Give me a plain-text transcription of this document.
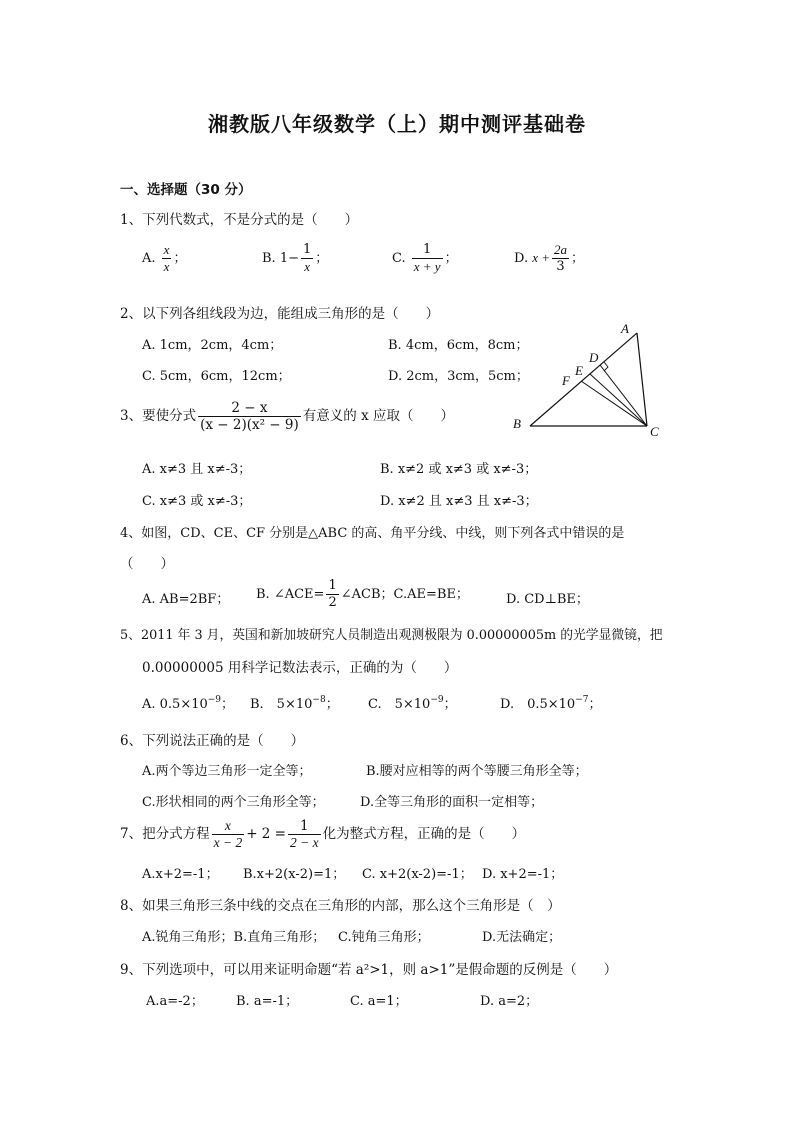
湘教版八年级数学（上）期中测评基础卷
一、选择题（30 分）
1、下列代数式，不是分式的是（　　）
A. $\frac{x}{x}$ ；	B. $1- \frac{1}{x}$ ；	C. $\frac{1}{x + y}$ ；	D. $x + \frac{2a}{3}$ ；
2、以下列各组线段为边，能组成三角形的是（　　）
A. 1cm，2cm，4cm；	B. 4cm，6cm，8cm；
C. 5cm，6cm，12cm；	D. 2cm，3cm，5cm；
A
B
C
D
E
F
3、要使分式 $\frac{2 - x}{\text{(x − 2)(x² − 9)}}$ 有意义的 x 应取（　　）
A. x≠3 且 x≠-3；	B. x≠2 或 x≠3 或 x≠-3；
C. x≠3 或 x≠-3；	D. x≠2 且 x≠3 且 x≠-3；
4、如图，CD、CE、CF 分别是△ABC 的高、角平分线、中线，则下列各式中错误的是
（　　）
A. AB=2BF； B. ∠ACE= $\frac{1}{2}$ ∠ACB；C.AE=BE；	D. CD⊥BE；
5、2011 年 3 月，英国和新加坡研究人员制造出观测极限为 0.00000005m 的光学显微镜，把
0.00000005 用科学记数法表示，正确的为（　　）
A. $0.5\times 10^{-9}$； B.　$5\times 10^{-8}$； C.　$5\times 10^{-9}$；	D.　$0.5\times 10^{-7}$；
6、下列说法正确的是（　　）
A.两个等边三角形一定全等；	B.腰对应相等的两个等腰三角形全等；
C.形状相同的两个三角形全等；	D.全等三角形的面积一定相等；
7、把分式方程 $\frac{x}{x - 2} + 2 = \frac{1}{2 - x}$ 化为整式方程，正确的是（　　）
A.x+2=-1； B.x+2(x-2)=1； C. x+2(x-2)=-1； D. x+2=-1；
8、如果三角形三条中线的交点在三角形的内部，那么这个三角形是（　）
A.锐角三角形；B.直角三角形； C.钝角三角形；	D.无法确定；
9、下列选项中，可以用来证明命题“若 a²>1，则 a>1”是假命题的反例是（　　）
A.a=-2； B. a=-1；	C. a=1；	D. a=2；
